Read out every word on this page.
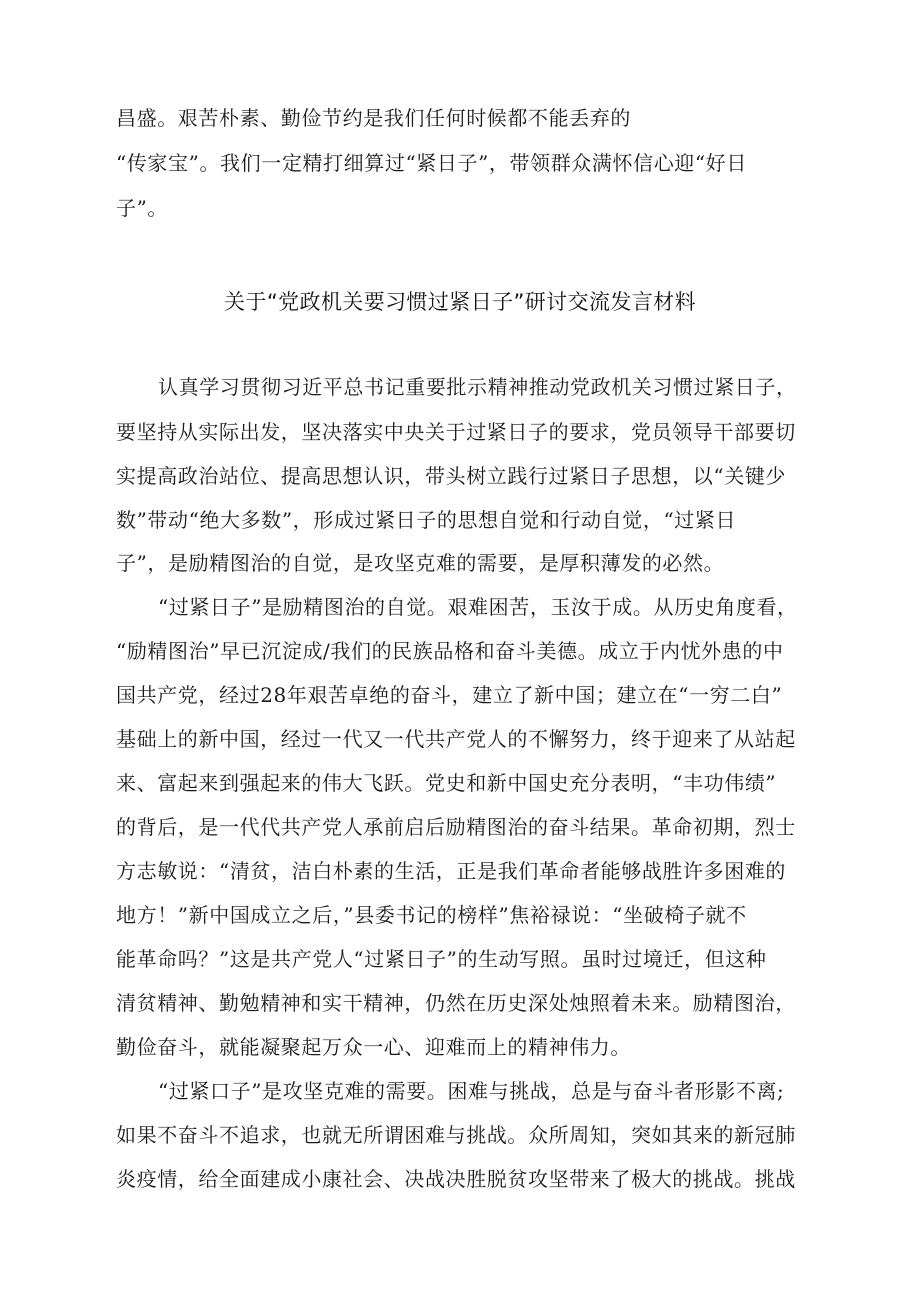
昌盛。艰苦朴素、勤俭节约是我们任何时候都不能丢弃的
“传家宝”。我们一定精打细算过“紧日子”，带领群众满怀信心迎“好日
子”。
关于“党政机关要习惯过紧日子”研讨交流发言材料
认真学习贯彻习近平总书记重要批示精神推动党政机关习惯过紧日子，
要坚持从实际出发，坚决落实中央关于过紧日子的要求，党员领导干部要切
实提高政治站位、提高思想认识，带头树立践行过紧日子思想，以“关键少
数”带动“绝大多数”，形成过紧日子的思想自觉和行动自觉，“过紧日
子”，是励精图治的自觉，是攻坚克难的需要，是厚积薄发的必然。
“过紧日子”是励精图治的自觉。艰难困苦，玉汝于成。从历史角度看，
“励精图治”早已沉淀成/我们的民族品格和奋斗美德。成立于内忧外患的中
国共产党，经过28年艰苦卓绝的奋斗，建立了新中国；建立在“一穷二白”
基础上的新中国，经过一代又一代共产党人的不懈努力，终于迎来了从站起
来、富起来到强起来的伟大飞跃。党史和新中国史充分表明，“丰功伟绩”
的背后，是一代代共产党人承前启后励精图治的奋斗结果。革命初期，烈士
方志敏说：“清贫，洁白朴素的生活，正是我们革命者能够战胜许多困难的
地方！”新中国成立之后，”县委书记的榜样”焦裕禄说：“坐破椅子就不
能革命吗？”这是共产党人“过紧日子”的生动写照。虽时过境迁，但这种
清贫精神、勤勉精神和实干精神，仍然在历史深处烛照着未来。励精图治，
勤俭奋斗，就能凝聚起万众一心、迎难而上的精神伟力。
“过紧口子”是攻坚克难的需要。困难与挑战，总是与奋斗者形影不离;
如果不奋斗不追求，也就无所谓困难与挑战。众所周知，突如其来的新冠肺
炎疫情，给全面建成小康社会、决战决胜脱贫攻坚带来了极大的挑战。挑战
